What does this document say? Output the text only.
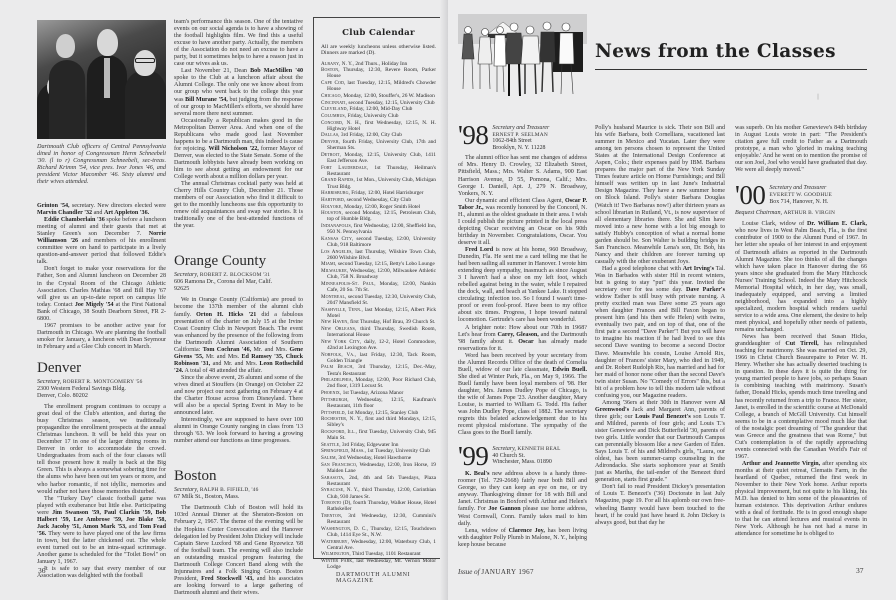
Dartmouth Club officers of Central Pennsylvania dined in honor of Congressman Herm Schneebeli '30. (l to r) Congressman Schneebeli, sec-treas. Richard Krimm '54, vice pres. Ivor Jones '46, and president Victor Macomber '46. Sixty alumni and their wives attended.

Grinton '54, secretary. New directors elected were Marvin Chandler '32 and Art Appleton '36.

Eddie Chamberlain '36 spoke before a luncheon meeting of alumni and their guests that met at Stanley Green's son December 7. Norrie Williamson '26 and members of his enrollment committee were on hand to participate in a lively question-and-answer period that followed Eddie's talk.

Don't forget to make your reservations for the Father, Son and Alumni luncheon on December 28 in the Crystal Room of the Chicago Athletic Association. Charles Mathias '68 and Bill Hay '67 will give us an up-to-date report on campus life today. Contact Joe Migely '54 at the First National Bank of Chicago, 38 South Dearborn Street, FR 2-6800.

1967 promises to be another active year for Dartmouth in Chicago. We are planning the football smoker for January, a luncheon with Dean Seymour in February and a Glee Club concert in March.

Denver
Secretary, ROBERT R. MONTGOMERY '56
2300 Western Federal Savings Bldg.
Denver, Colo. 80202

The enrollment program continues to occupy a great deal of the Club's attention, and during the busy Christmas season, we traditionally propagandize the enrollment prospects at the annual Christmas luncheon. It will be held this year on December 17 in one of the larger dining rooms in Denver in order to accommodate the crowd. Undergraduates from each of the four classes will tell those present how it really is back at the Big Green. This is always a somewhat sobering time for the alums who have been out ten years or more, and who harbor romantic, if not idyllic, memories and would rather not have those memories disturbed.

The "Turkey Day" classic football game was played with exuberance but little else. Participating were Jim Swanson '59, Paul Clarkin '59, Bob Halbert '59, Lee Ambrose '59, Joe Blake '58, Jack Jacoby '51, Amon Mark '53, and Tom Fead '56. They were to have played one of the law firms in town, but the latter chickened out. The whole event turned out to be an intra-squad scrimmage. Another game is scheduled for the "Toilet Bowl" on January 1, 1967.

It is safe to say that every member of our Association was delighted with the football

team's performance this season. One of the tentative events on our social agenda is to have a showing of the football highlights film. We find this a useful excuse to have another party. Actually, the members of the Association do not need an excuse to have a party, but it sometimes helps to have a reason just in case our wives ask us.

Last November 21, Dean Bob MacMillen '40 spoke to the Club at a luncheon affair about the Alumni College. The only one we know about from our group who went back to the college this year was Bill Murane '54, but judging from the response of our group to MacMillen's efforts, we should have several more there next summer.

Occasionally a Republican makes good in the Metropolitan Denver Area. And when one of the Republicans who made good last November happens to be a Dartmouth man, this indeed is cause for rejoicing. Will Nicholson '22, former Mayor of Denver, was elected to the State Senate. Some of the Dartmouth lobbyists have already been working on him to see about getting an endowment for our College worth about a million dollars per year.

The annual Christmas cocktail party was held at Cherry Hills Country Club, December 21. Those members of our Association who find it difficult to get to the monthly luncheons use this opportunity to renew old acquaintances and swap war stories. It is traditionally one of the best-attended functions of the year.

Orange County
Secretary, ROBERT Z. BLOCKSOM '31
606 Ramona Dr., Corona del Mar, Calif.
92625

We in Orange County (California) are proud to become the 137th member of the alumni club family. Orton H. Hicks '21 did a fabulous presentation of the charter on July 15 at the Irvine Coast Country Club in Newport Beach. The event was enhanced by the presence of the following from the Dartmouth Alumni Association of Southern California: Tom Cochran '46, Mr. and Mrs. Gene Givens '55, Mr. and Mrs. Ed Ramsey '35, Chuck Robinson '31, and Mr. and Mrs. Leon Rothschild '24. A total of 48 attended the affair.

Since the above event, 26 alumni and some of the wives dined at Stouffers (in Orange) on October 22 and now project our next gathering on February 4 at the Charter House across from Disneyland. There will also be a special Spring Event in May to be announced later.

Interestingly, we are supposed to have over 100 alumni in Orange County ranging in class from '13 through '63. We look forward to having a growing number attend our functions as time progresses.

Boston
Secretary, RALPH B. FIFIELD, '46
67 Milk St., Boston, Mass.

The Dartmouth Club of Boston will hold its 103rd Annual Dinner at the Sheraton-Boston on February 2, 1967. The theme of the evening will be the Hopkins Center Convocation and the Hanover delegation led by President John Dickey will include Captain Steve Luxford '68 and Gene Ryzewicz '68 of the football team. The evening will also include an outstanding musical program featuring the Dartmouth College Concert Band along with the Injunnaires and a Folk Singing Group. Boston President, Fred Stockwell '43, and his associates are looking forward to a large gathering of Dartmouth alumni and their wives.

Club Calendar
All are weekly luncheons unless otherwise listed. Dinners are marked (D).
Albany, N. Y., 2nd Thurs., Holiday Inn
Boston, Thursday, 12:30, Revere Room, Parker House
Cape Cod, last Tuesday, 12:15, Mildred's Chowder House
Chicago, Monday, 12:00, Stouffer's, 26 W. Madison
Cincinnati, second Tuesday, 12:15, University Club
Cleveland, Friday, 12:00, Mid-Day Club
Columbus, Friday, University Club
Concord, N. H., first Wednesday, 12:15, N. H. Highway Hotel
Dallas, 3rd Friday, 12:00, City Club
Denver, fourth Friday, University Club, 17th and Sherman Sts.
Detroit, Monday, 12:15, University Club, 1411 East Jefferson Ave.
Fort Lauderdale, 1st Thursday, Heilman's Restaurant
Grand Rapids, 1st Mon., University Club, Michigan Trust Bldg.
Harrisburg, Friday, 12:00, Hotel Harrisburger
Hartford, second Wednesday, City Club
Holyoke, Monday, 12:00, Roger Smith Hotel
Houston, second Monday, 12:15, Petroleum Club, top of Humble Bldg.
Indianapolis, first Wednesday, 12:00, Sheffield Inn, 950 N. Pennsylvania
Kansas City, second Tuesday, 12:00, University Club, 918 Baltimore
Los Angeles, last Thursday, Wilshire Town Club, 2600 Wilshire Blvd.
Miami, second Tuesday, 12:15, Betty's Lobo Lounge
Milwaukee, Wednesday, 12:00, Milwaukee Athletic Club, 758 N. Broadway
Minneapolis-St. Paul, Monday, 12:00, Nankin Cafe, 20 So. 7th St.
Montreal, second Tuesday, 12:30, University Club, 2047 Mansfield St.
Nashville, Tenn., last Monday, 12:15, Albert Pick Motel
New Haven, first Thursday, Hof Brau, 39 Church St.
New Orleans, third Thursday, Swedish Room, International House
New York City, daily, 12-2, Hotel Commodore, 42nd at Lexington Ave.
Norfolk, Va., last Friday, 12:30, Tack Room, Golden Triangle
Palm Beach, 3rd Thursday, 12:15, Dec.-May, Testa's Restaurant
Philadelphia, Monday, 12:00, Poor Richard Club, 2nd floor, 1319 Locust St.
Phoenix, 1st Tuesday, Arizona Manor
Pittsburgh, Wednesday, 12:15, Kaufman's Restaurant, 11th floor
Pittsfield, 1st Monday, 12:15, Stanley Club
Rochester, N. Y., first and third Mondays, 12:15, Sibley's
Rockford, Ill., first Tuesday, University Club, 945 Main St.
Seattle, 3rd Friday, Edgewater Inn
Springfield, Mass., 1st Tuesday, University Club
Salem, 3rd Wednesday, Hotel Hawthorne
San Francisco, Wednesday, 12:00, Iron Horse, 19 Maiden Lane
Sarasota, 2nd, 4th and 5th Tuesdays, Plaza Restaurant
Syracuse, N. Y., third Thursday, 12:00, Corinthian Club, 930 James St.
Toronto (D), fourth Thursday, Walker House, Hotel Rathskeller
Trenton, 3rd Wednesday, 12:30, Cummini's Restaurant
Washington, D. C., Thursday, 12:15, Touchdown Club, 1414 Eye St., N.W.
Waterbury, Wednesday, 12:00, Waterbury Club, 1 Central Ave.
Wilmington, Third Tuesday, 1101 Restaurant
Winter Park, last Wednesday, Mt. Vernon Motor Lodge
36	DARTMOUTH ALUMNI MAGAZINE
News from the Classes
╵
'98 Secretary and Treasurer
ERNEST P. SEELMAN
1062-84th Street
Brooklyn, N. Y. 11228

The alumni office has sent me changes of address of Mrs. Henry D. Crowley, 32 Elizabeth Street, Pittsfield, Mass.; Mrs. Walter S. Adams, 900 East Harrison Avenue, D 55, Pomona, Calif.; Mrs. George I. Daniell, Apt. J, 279 N. Broadway, Yonkers, N. Y.

Our dynamic and efficient Class Agent, Oscar P. Tabor Jr., was recently honored by the Concord, N. H., alumni as the oldest graduate in their area. I wish I could publish the picture printed in the local press depicting Oscar receiving an Oscar on his 90th birthday in November. Congratulations, Oscar. You deserve it all.

Fred Lord is now at his home, 960 Broadway, Dunedin, Fla. He sent me a card telling me that he had been sailing all summer in Hanover. I wrote him extending deep sympathy, inasmuch as since August 3 I haven't had a shoe on my left foot, which rebelled against being in the water, while I repaired the dock, wall, and beach at Yankee Lake. It stopped circulating; infection too. So I found I wasn't time-proof or even fool-proof. Have been to my office about six times. Progress, I hope toward natural locomotion. Gertrude's care has been wonderful.

A brighter note: How about our 70th in 1968? Let's hear from Carey, Gleason, and the Dartmouth '98 family about it. Oscar has already made reservations for it.

Word has been received by your secretary from the Alumni Records Office of the death of Cornelia Buell, widow of our late classmate, Edwin Buell. She died at Winter Park, Fla., on May 9, 1966. The Buell family have been loyal members of '98. Her daughter, Mrs. James Dudley Pope of Chicago, is the wife of James Pope '23. Another daughter, Mary Louise, is married to William G. Todd. His father was John Dudley Pope, class of 1882. The secretary regrets this belated acknowledgement due to his recent physical misfortune. The sympathy of the Class goes to the Buell family.

'99 Secretary, KENNETH BEAL
40 Church St.
Winchester, Mass. 01890

K. Beal's new address above is a handy three-roomer (Tel. 729-2668) fairly near both Bill and George, so they can keep an eye on me, or try anyway. Thanksgiving dinner for 18 with Bill and Janet. Christmas in Boxford with Arthur and Helen's family. For Joe Gannon please use home address, West Cornwall, Conn. Family takes mail to him daily.

Lena, widow of Clarence Joy, has been living with daughter Polly Plumb in Malone, N. Y., helping keep house because

Polly's husband Maurice is sick. Their son Bill and his wife Barbara, both Cornellians, vacationed last summer in Mexico and Yucatan. Later they were among ten persons chosen to represent the United States at the International Design Conference at Aspen, Colo.; their expenses paid by IBM. Barbara prepares the major part of the New York Sunday Times feature article on Home Furnishings; and Bill himself was written up in last June's Industrial Design Magazine. They have a new summer home on Block Island. Polly's sister Barbara Douglas (Watch it! Two Barbaras now!) after thirteen years as school librarian in Rutland, Vt., is now supervisor of all elementary libraries there. She and Slim have moved into a new home with a lot big enough to satisfy Hubby's conception of what a normal home garden should be. Son Walter is building bridges in San Francisco. Meanwhile Lena's son, Dr. Bob, his Nancy and their children are forever turning up casually with the other exuberant Joys.

Had a good telephone chat with Art Irving's Tal. Was in Barbados with sister Hil in recent winters, but is going to stay "put" this year. Invited the secretary over for tea some day. Dave Parker's widow Esther is still busy with private nursing. A pretty excited man was Dave some 25 years ago when daughter Frances and Bill Faxon began to present him (and his then wife Helen) with twins, eventually two pair, and on top of that, one of the first pair a second "Dave Parker"! But you will have to imagine his reaction if he had lived to see this second Dave wanting to become a second Doctor Dave. Meanwhile his cousin, Louise Arnold Rix, daughter of Frances' sister Mary, who died in 1949, and Dr. Robert Rudolph Rix, has married and had for her maid of honor none other than the second Dave's twin sister Susan. No "Comedy of Errors" this, but a bit of a problem how to tell this modern tale without confusing you, our Magazine readers.

Among '36ers at their 30th in Hanover were Al Greenwood's Jack and Margaret Ann, parents of three girls; our Louis Paul Benezet's son Louis T. and Mildred, parents of four girls; and Louis T.'s sister Genevieve and Dick Butterfield '30, parents of two girls. Little wonder that our Dartmouth Campus can perennially blossom like a new Garden of Eden. Says Louis T. of his and Mildred's girls, "Laura, our oldest, has been summer-camp counseling in the Adirondacks. She starts sophomore year at Smith just as Martha, the tail-ender of the Benezet third generation, starts first grade."

Don't fail to read President Dickey's presentation of Louis T. Benezet's ('36) Doctorate in last July Magazine, page 19. For all his aplomb our own free-wheeling Banny would have been touched to the heart, if he could just have heard it. John Dickey is always good, but that day he

was superb. On his mother Genevieve's 84th birthday in August Louis wrote in part: "The President's citation gave full credit to Father as a Dartmouth prototype, a man who 'gloried in making teaching enjoyable.' And he went on to mention the promise of our son Joel, Joel who would have graduated that day. We were all deeply moved."

'00 Secretary and Treasurer
EVERETT W. GOODHUE
Box 714, Hanover, N. H.
Bequest Chairman, ARTHUR B. VIRGIN

Louise Clark, widow of Dr. William E. Clark, who now lives in West Palm Beach, Fla., is the first contributor of 1900 to the Alumni Fund of 1967. In her letter she speaks of her interest in and enjoyment of Dartmouth affairs as reported in the Dartmouth Alumni Magazine. She too thinks of all the changes which have taken place in Hanover during the 66 years since she graduated from the Mary Hitchcock Nurses' Training School. Indeed the Mary Hitchcock Memorial Hospital which, in her day, was small, inadequately equipped, and serving a limited neighborhood, has expanded into a highly specialized, modern hospital which renders useful service to a wide area. One element, the desire to help meet physical, and hopefully other needs of patients, remains unchanged.

News has been received that Susan Hicks, granddaughter of Cut Tirrell, has relinquished teaching for matrimony. She was married on Oct. 29, 1966 in Christ Church Beaurepaire to Peter W. H. Henry. Whether she has actually deserted teaching is in question. In these days it is quite the thing for young married people to have jobs, so perhaps Susan is combining teaching with matrimony. Susan's father, Donald Hicks, spends much time traveling and has recently returned from a trip to France. Her sister, Janet, is enrolled in the scientific course at McDonald College, a branch of McGill University. Cut himself seems to be in a contemplative mood much like that of the nostalgic poet dreaming of "The grandeur that was Greece and the greatness that was Rome," but Cut's contemplation is of the rapidly approaching events connected with the Canadian World's Fair of 1967.

Arthur and Jeannette Virgin, after spending six months at their quiet retreat, Clematis Farm, in the heartland of Quebec, returned the first week in November to their New York home. Arthur reports physical improvement, but not quite to his liking, his M.D. has denied to him some of the pleasantries of human existence. This deprivation Arthur endures with a deal of fortitude. He is in good enough shape to that he can attend lectures and musical events in New York. Although he has not had a nurse in attendance for sometime he is obliged to

Issue of JANUARY 1967	37
